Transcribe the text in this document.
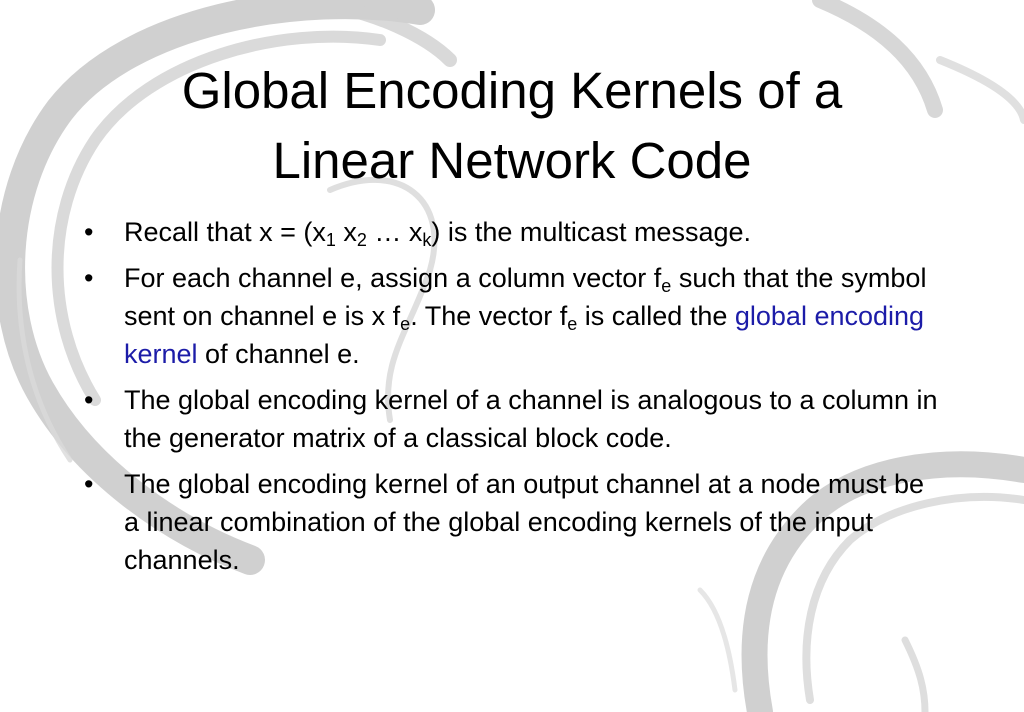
Global Encoding Kernels of a
Linear Network Code
• Recall that $x = (x_1$ $x_2$ … $x_k$) is the multicast message.
• For each channel e, assign a column vector $f_e$ such that the symbol sent on channel e is x $f_e$. The vector $f_e$ is called the global encoding kernel of channel e.
• The global encoding kernel of a channel is analogous to a column in the generator matrix of a classical block code.
• The global encoding kernel of an output channel at a node must be a linear combination of the global encoding kernels of the input channels.
